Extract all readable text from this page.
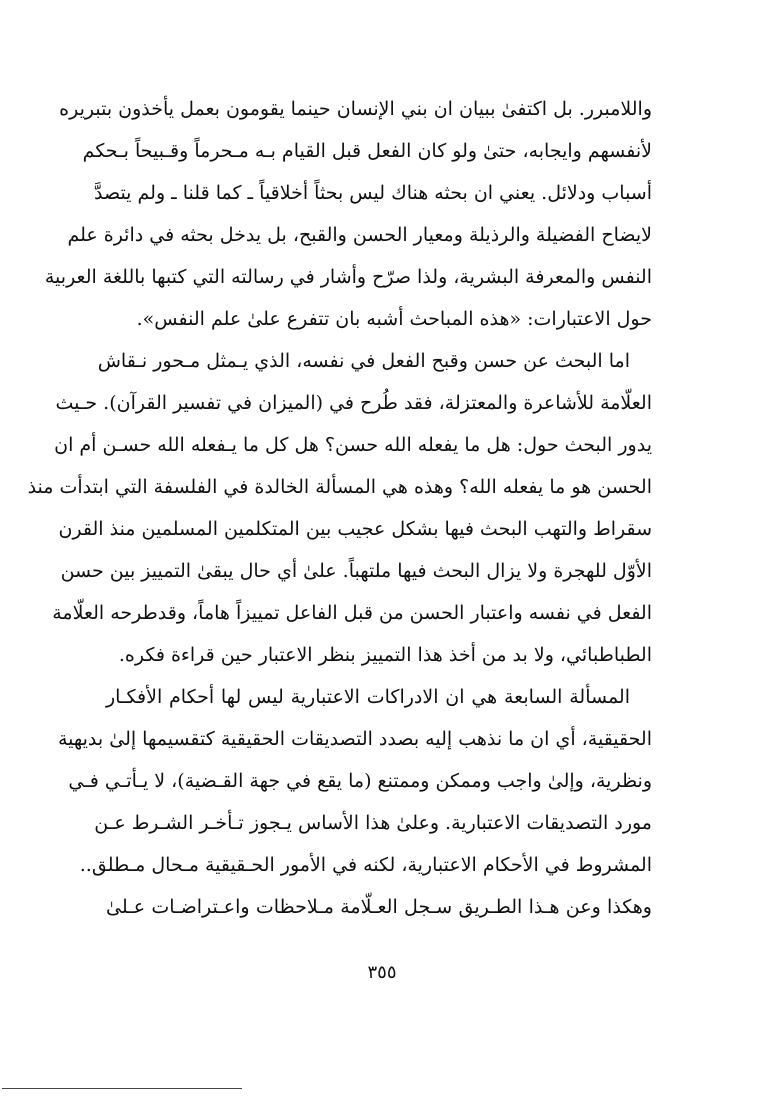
واللامبرر. بل اكتفىٰ ببيان ان بني الإنسان حينما يقومون بعمل يأخذون بتبريره
لأنفسهم وايجابه، حتىٰ ولو كان الفعل قبل القيام بـه مـحرماً وقـبيحاً بـحكم
أسباب ودلائل. يعني ان بحثه هناك ليس بحثاً أخلاقياً ـ كما قلنا ـ ولم يتصدَّ
لايضاح الفضيلة والرذيلة ومعيار الحسن والقبح، بل يدخل بحثه في دائرة علم
النفس والمعرفة البشرية، ولذا صرّح وأشار في رسالته التي كتبها باللغة العربية
حول الاعتبارات: «هذه المباحث أشبه بان تتفرع علىٰ علم النفس».
اما البحث عن حسن وقبح الفعل في نفسه، الذي يـمثل مـحور نـقاش
العلّامة للأشاعرة والمعتزلة، فقد طُرح في (الميزان في تفسير القرآن). حـيث
يدور البحث حول: هل ما يفعله الله حسن؟ هل كل ما يـفعله الله حسـن أم ان
الحسن هو ما يفعله الله؟ وهذه هي المسألة الخالدة في الفلسفة التي ابتدأت منذ
سقراط والتهب البحث فيها بشكل عجيب بين المتكلمين المسلمين منذ القرن
الأوّل للهجرة ولا يزال البحث فيها ملتهباً. علىٰ أي حال يبقىٰ التمييز بين حسن
الفعل في نفسه واعتبار الحسن من قبل الفاعل تمييزاً هاماً، وقدطرحه العلّامة
الطباطبائي، ولا بد من أخذ هذا التمييز بنظر الاعتبار حين قراءة فكره.
المسألة السابعة هي ان الادراكات الاعتبارية ليس لها أحكام الأفكـار
الحقيقية، أي ان ما نذهب إليه بصدد التصديقات الحقيقية كتقسيمها إلىٰ بديهية
ونظرية، وإلىٰ واجب وممكن وممتنع (ما يقع في جهة القـضية)، لا يـأتـي فـي
مورد التصديقات الاعتبارية. وعلىٰ هذا الأساس يـجوز تـأخـر الشـرط عـن
المشروط في الأحكام الاعتبارية، لكنه في الأمور الحـقيقية مـحال مـطلق..
وهكذا وعن هـذا الطـريق سـجل العـلّامة مـلاحظات واعـتراضـات عـلىٰ
٣٥٥
